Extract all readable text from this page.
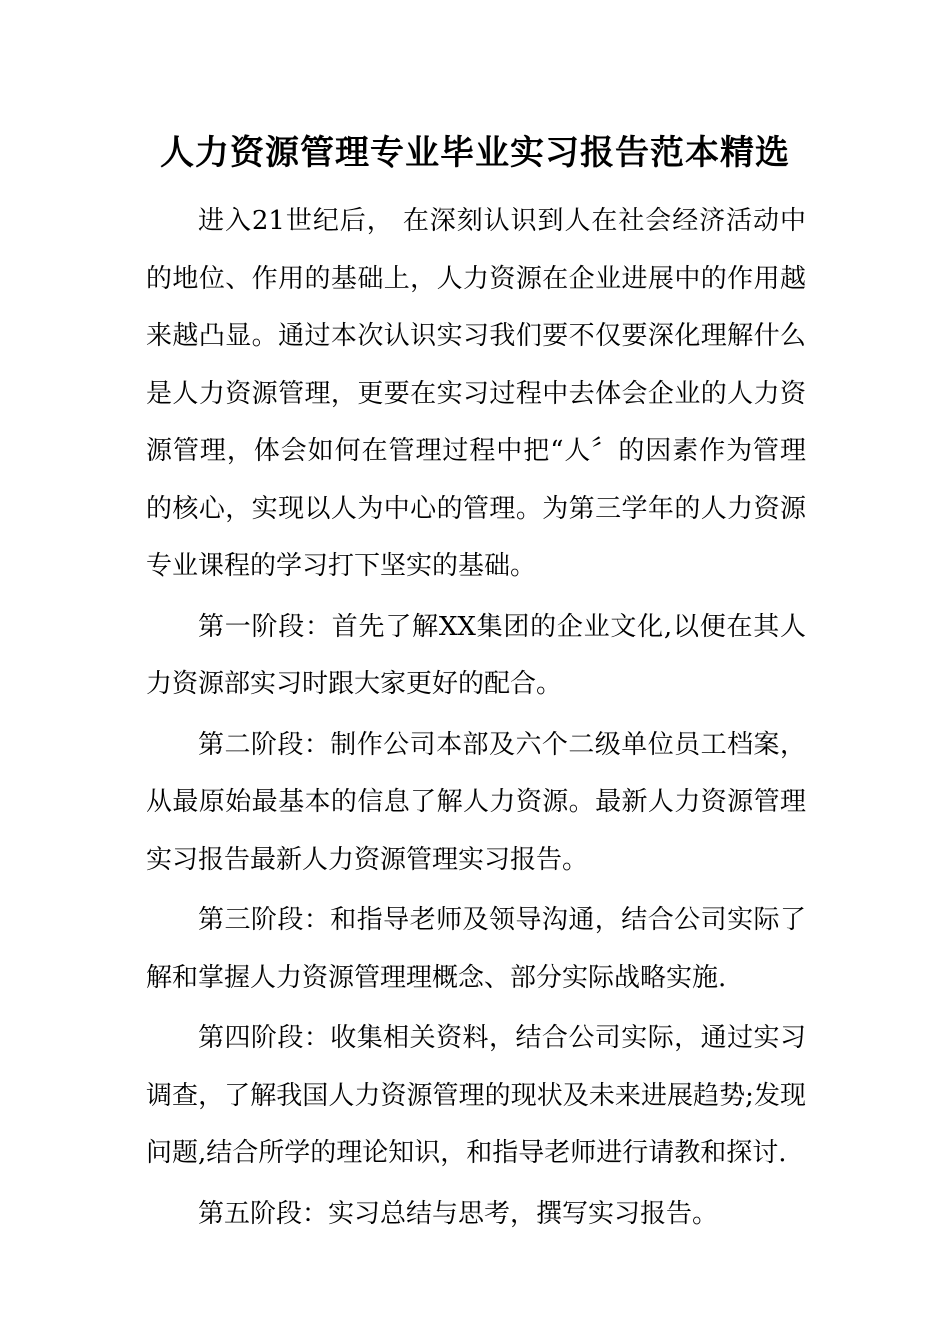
人力资源管理专业毕业实习报告范本精选

进入21世纪后， 在深刻认识到人在社会经济活动中的地位、作用的基础上，人力资源在企业进展中的作用越来越凸显。通过本次认识实习我们要不仅要深化理解什么是人力资源管理，更要在实习过程中去体会企业的人力资源管理，体会如何在管理过程中把“人〞的因素作为管理的核心，实现以人为中心的管理。为第三学年的人力资源专业课程的学习打下坚实的基础。

第一阶段：首先了解XX集团的企业文化,以便在其人力资源部实习时跟大家更好的配合。

第二阶段：制作公司本部及六个二级单位员工档案，从最原始最基本的信息了解人力资源。最新人力资源管理实习报告最新人力资源管理实习报告。

第三阶段：和指导老师及领导沟通，结合公司实际了解和掌握人力资源管理理概念、部分实际战略实施.

第四阶段：收集相关资料，结合公司实际，通过实习调查，了解我国人力资源管理的现状及未来进展趋势;发现问题,结合所学的理论知识，和指导老师进行请教和探讨.

第五阶段：实习总结与思考，撰写实习报告。
